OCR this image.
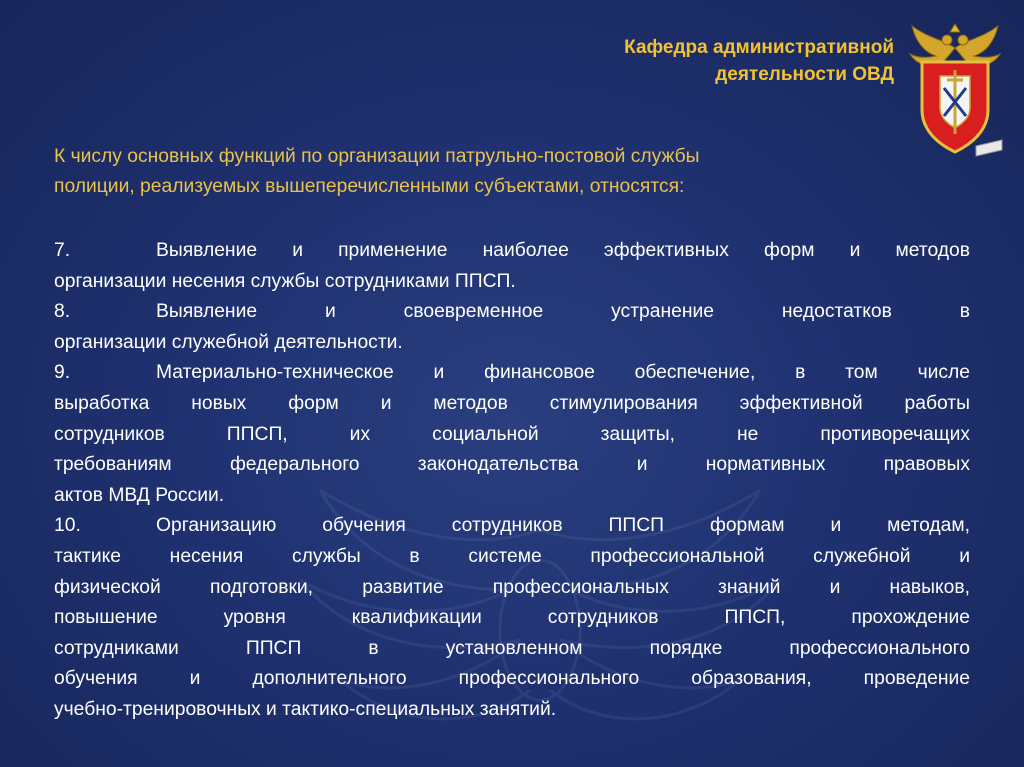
Кафедра административной
деятельности ОВД
К числу основных функций по организации патрульно-постовой службы
полиции, реализуемых вышеперечисленными субъектами, относятся:
7.	Выявление и применение наиболее эффективных форм и методов
организации несения службы сотрудниками ППСП.
8.	Выявление и своевременное устранение недостатков в
организации служебной деятельности.
9.	Материально-техническое и финансовое обеспечение, в том числе
выработка новых форм и методов стимулирования эффективной работы
сотрудников ППСП, их социальной защиты, не противоречащих
требованиям федерального законодательства и нормативных правовых
актов МВД России.
10.	Организацию обучения сотрудников ППСП формам и методам,
тактике несения службы в системе профессиональной служебной и
физической подготовки, развитие профессиональных знаний и навыков,
повышение уровня квалификации сотрудников ППСП, прохождение
сотрудниками ППСП в установленном порядке профессионального
обучения и дополнительного профессионального образования, проведение
учебно-тренировочных и тактико-специальных занятий.
